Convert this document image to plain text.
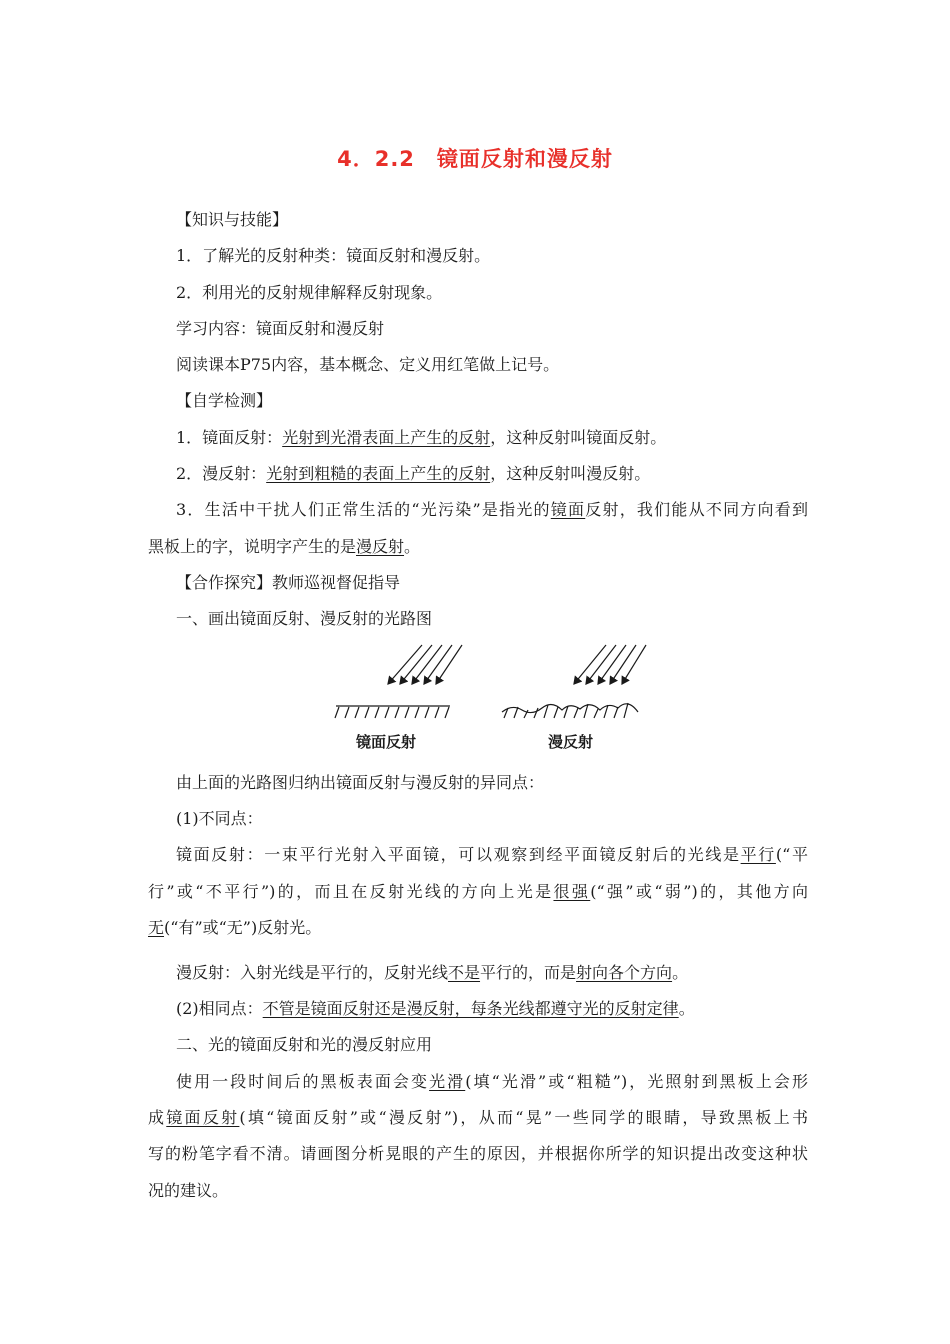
4．2.2　镜面反射和漫反射
【知识与技能】
1．了解光的反射种类：镜面反射和漫反射。
2．利用光的反射规律解释反射现象。
学习内容：镜面反射和漫反射
阅读课本P75内容，基本概念、定义用红笔做上记号。
【自学检测】
1．镜面反射：光射到光滑表面上产生的反射，这种反射叫镜面反射。
2．漫反射：光射到粗糙的表面上产生的反射，这种反射叫漫反射。
3．生活中干扰人们正常生活的“光污染”是指光的镜面反射，我们能从不同方向看到
黑板上的字，说明字产生的是漫反射。
【合作探究】教师巡视督促指导
一、画出镜面反射、漫反射的光路图
镜面反射	漫反射
由上面的光路图归纳出镜面反射与漫反射的异同点：
(1)不同点：
镜面反射：一束平行光射入平面镜，可以观察到经平面镜反射后的光线是平行(“平
行”或“不平行”)的，而且在反射光线的方向上光是很强(“强”或“弱”)的，其他方向
无(“有”或“无”)反射光。
漫反射：入射光线是平行的，反射光线不是平行的，而是射向各个方向。
(2)相同点：不管是镜面反射还是漫反射，每条光线都遵守光的反射定律。
二、光的镜面反射和光的漫反射应用
使用一段时间后的黑板表面会变光滑(填“光滑”或“粗糙”)，光照射到黑板上会形
成镜面反射(填“镜面反射”或“漫反射”)，从而“晃”一些同学的眼睛，导致黑板上书
写的粉笔字看不清。请画图分析晃眼的产生的原因，并根据你所学的知识提出改变这种状
况的建议。
